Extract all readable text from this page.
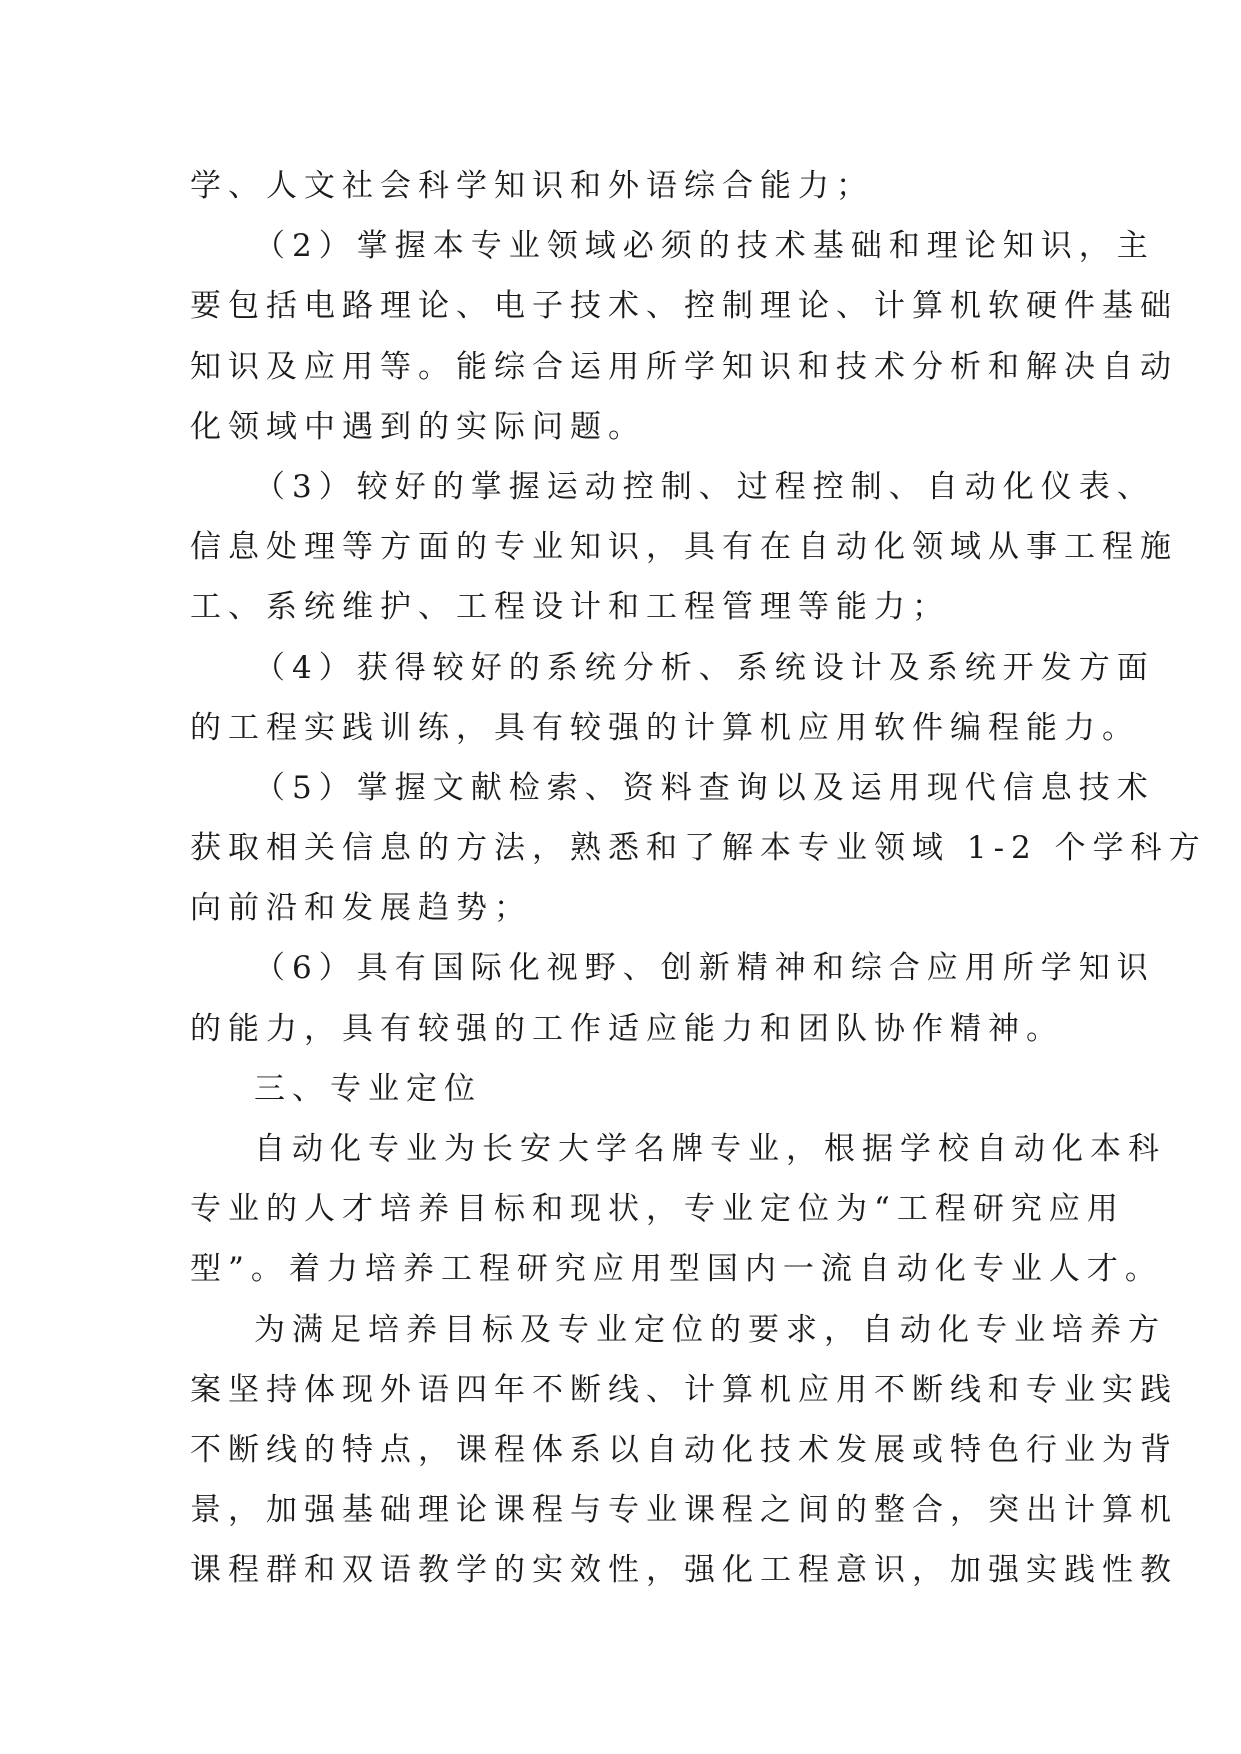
学、人文社会科学知识和外语综合能力；
（2）掌握本专业领域必须的技术基础和理论知识，主
要包括电路理论、电子技术、控制理论、计算机软硬件基础
知识及应用等。能综合运用所学知识和技术分析和解决自动
化领域中遇到的实际问题。
（3）较好的掌握运动控制、过程控制、自动化仪表、
信息处理等方面的专业知识，具有在自动化领域从事工程施
工、系统维护、工程设计和工程管理等能力；
（4）获得较好的系统分析、系统设计及系统开发方面
的工程实践训练，具有较强的计算机应用软件编程能力。
（5）掌握文献检索、资料查询以及运用现代信息技术
获取相关信息的方法，熟悉和了解本专业领域 1-2 个学科方
向前沿和发展趋势；
（6）具有国际化视野、创新精神和综合应用所学知识
的能力，具有较强的工作适应能力和团队协作精神。
三、专业定位
自动化专业为长安大学名牌专业，根据学校自动化本科
专业的人才培养目标和现状，专业定位为“工程研究应用
型”。着力培养工程研究应用型国内一流自动化专业人才。
为满足培养目标及专业定位的要求，自动化专业培养方
案坚持体现外语四年不断线、计算机应用不断线和专业实践
不断线的特点，课程体系以自动化技术发展或特色行业为背
景，加强基础理论课程与专业课程之间的整合，突出计算机
课程群和双语教学的实效性，强化工程意识，加强实践性教
